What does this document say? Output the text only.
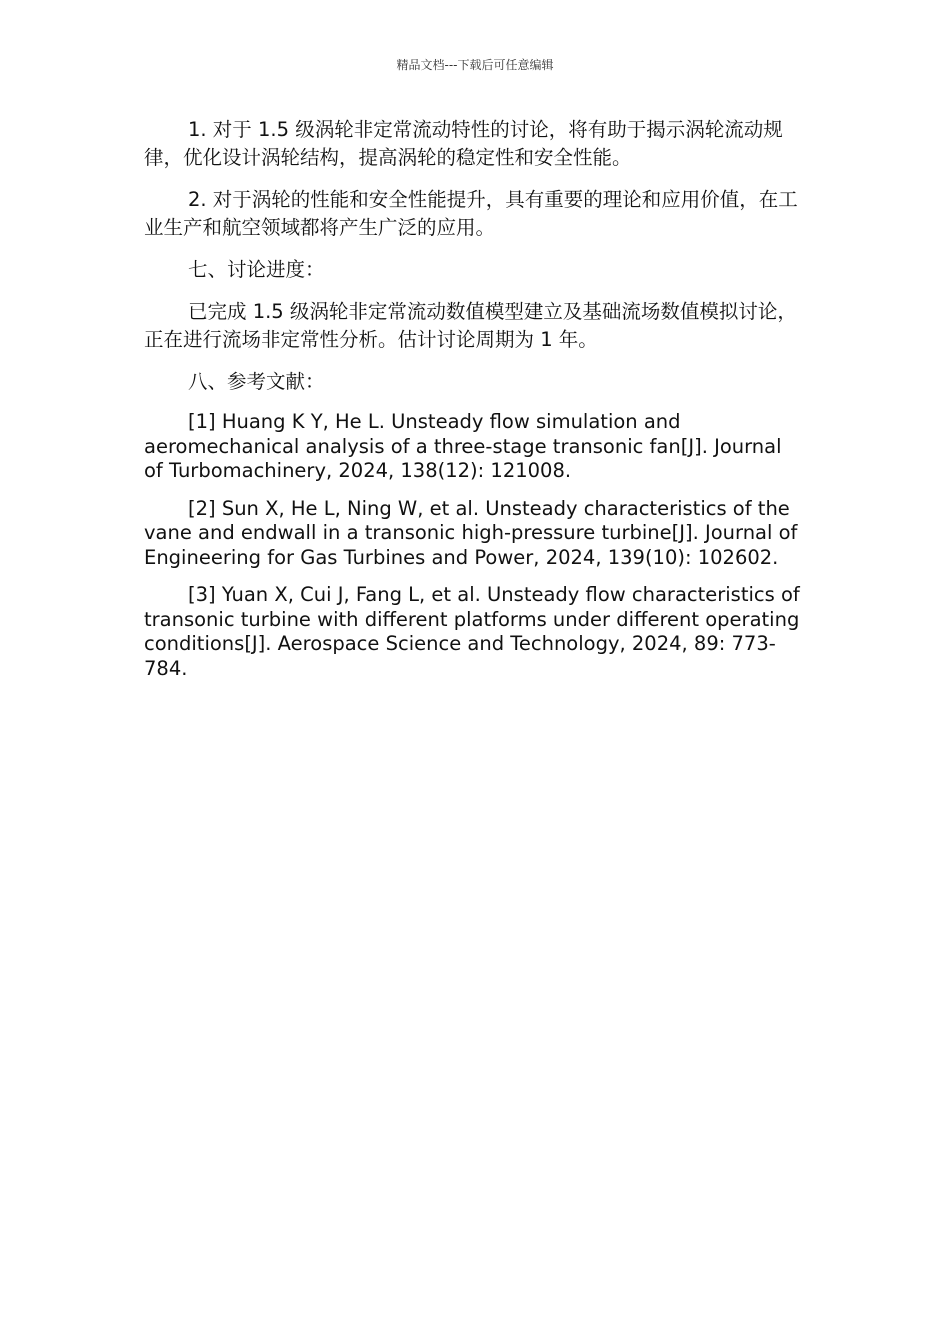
精品文档---下载后可任意编辑

1. 对于 1.5 级涡轮非定常流动特性的讨论，将有助于揭示涡轮流动规律，优化设计涡轮结构，提高涡轮的稳定性和安全性能。

2. 对于涡轮的性能和安全性能提升，具有重要的理论和应用价值，在工业生产和航空领域都将产生广泛的应用。

七、讨论进度：

已完成 1.5 级涡轮非定常流动数值模型建立及基础流场数值模拟讨论，正在进行流场非定常性分析。估计讨论周期为 1 年。

八、参考文献：

[1] Huang K Y, He L. Unsteady flow simulation and aeromechanical analysis of a three-stage transonic fan[J]. Journal of Turbomachinery, 2024, 138(12): 121008.

[2] Sun X, He L, Ning W, et al. Unsteady characteristics of the vane and endwall in a transonic high-pressure turbine[J]. Journal of Engineering for Gas Turbines and Power, 2024, 139(10): 102602.

[3] Yuan X, Cui J, Fang L, et al. Unsteady flow characteristics of transonic turbine with different platforms under different operating conditions[J]. Aerospace Science and Technology, 2024, 89: 773-784.
